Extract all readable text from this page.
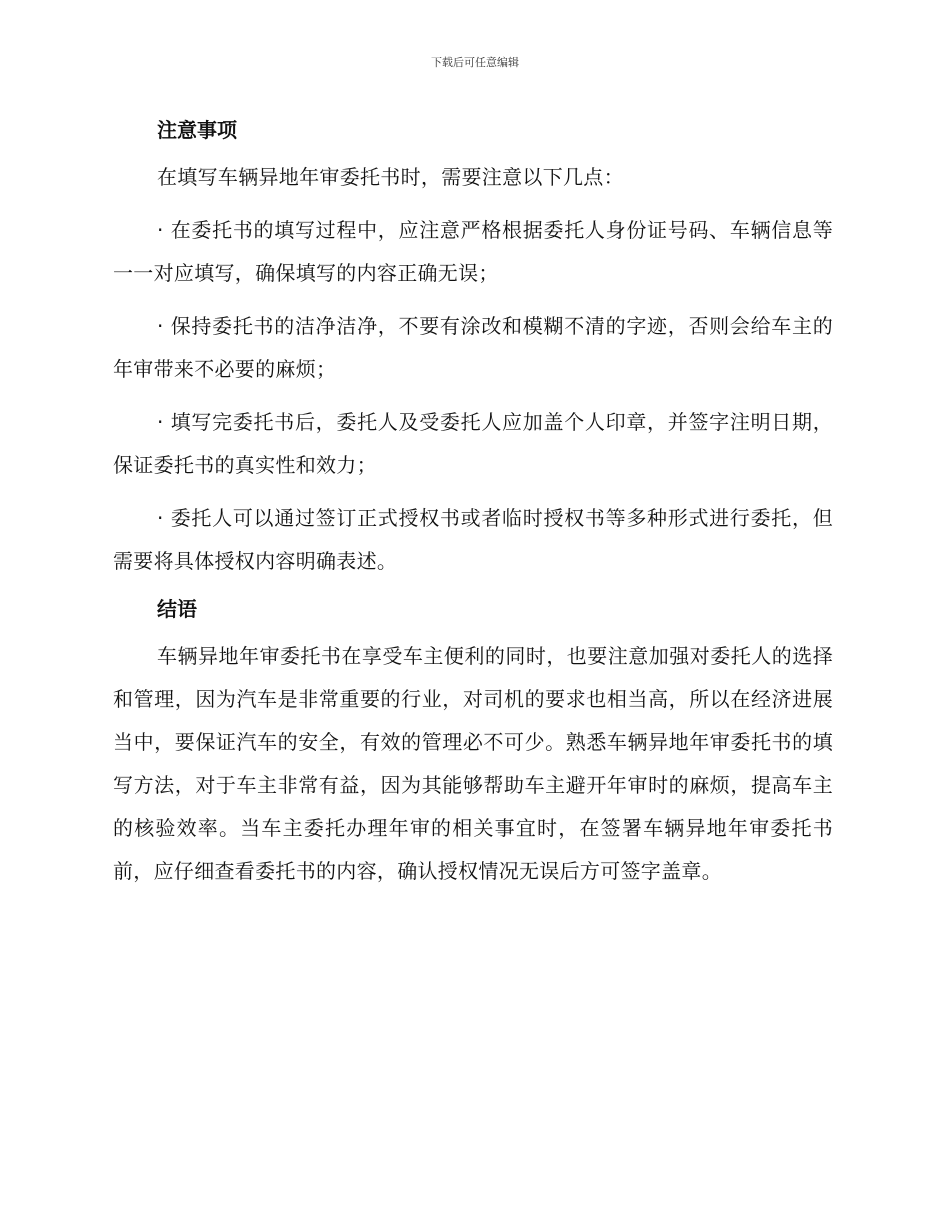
下载后可任意编辑
注意事项

在填写车辆异地年审委托书时，需要注意以下几点：

· 在委托书的填写过程中，应注意严格根据委托人身份证号码、车辆信息等一一对应填写，确保填写的内容正确无误；

· 保持委托书的洁净洁净，不要有涂改和模糊不清的字迹，否则会给车主的年审带来不必要的麻烦；

· 填写完委托书后，委托人及受委托人应加盖个人印章，并签字注明日期，保证委托书的真实性和效力；

· 委托人可以通过签订正式授权书或者临时授权书等多种形式进行委托，但需要将具体授权内容明确表述。

结语

车辆异地年审委托书在享受车主便利的同时，也要注意加强对委托人的选择和管理，因为汽车是非常重要的行业，对司机的要求也相当高，所以在经济进展当中，要保证汽车的安全，有效的管理必不可少。熟悉车辆异地年审委托书的填写方法，对于车主非常有益，因为其能够帮助车主避开年审时的麻烦，提高车主的核验效率。当车主委托办理年审的相关事宜时，在签署车辆异地年审委托书前，应仔细查看委托书的内容，确认授权情况无误后方可签字盖章。
